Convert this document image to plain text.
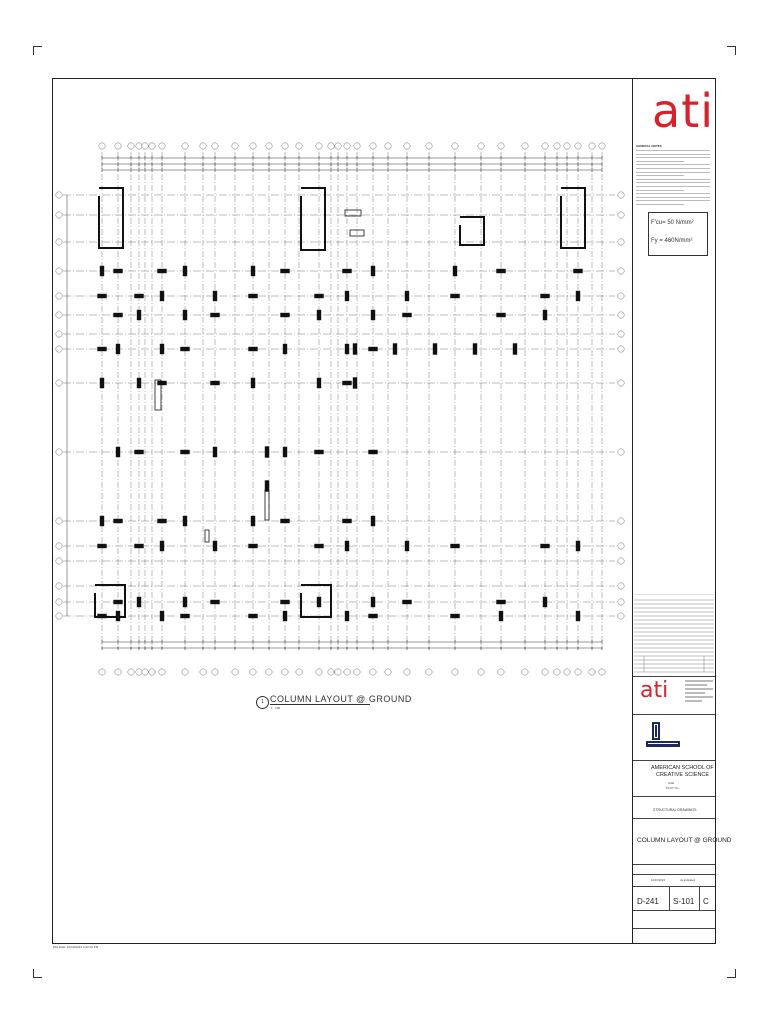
1 COLUMN LAYOUT @ GROUND
1 : 200
ati
GENERAL NOTES
F'cu= 50 N/mm²
Fy = 460N/mm²
ati
AMERICAN SCHOOL OF
CREATIVE SCIENCE
UAE
PLOT No.
STRUCTURAL DRAWINGS
COLUMN LAYOUT @ GROUND
10/10/2023	As indicated
D-241 S-101 C
Plot Date: 10/10/2023 4:49:19 PM
